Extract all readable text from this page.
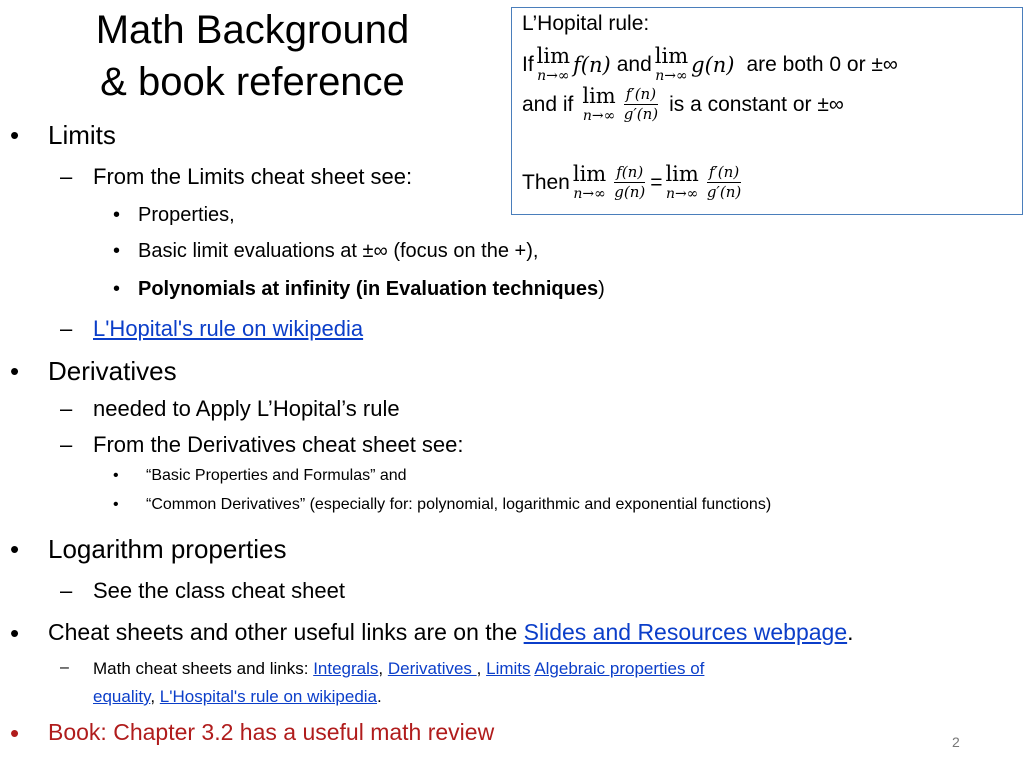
Math Background
& book reference
L’Hopital rule:
If lim
n→∞ f(n) and lim
n→∞ g(n) are both 0 or ±∞
and if lim
$n\to\infty \frac{f'(n)}{g'(n)}$ is a constant or ±∞
Then lim
$n\to\infty \frac{f(n)}{g(n)} = \lim$
$n\to\infty \frac{f'(n)}{g'(n)}$
• Limits
– From the Limits cheat sheet see:
• Properties,
• Basic limit evaluations at ±∞ (focus on the +),
• Polynomials at infinity (in Evaluation techniques)
– L'Hopital's rule on wikipedia
• Derivatives
– needed to Apply L’Hopital’s rule
– From the Derivatives cheat sheet see:
• “Basic Properties and Formulas” and
• “Common Derivatives” (especially for: polynomial, logarithmic and exponential functions)
• Logarithm properties
– See the class cheat sheet
• Cheat sheets and other useful links are on the Slides and Resources webpage.
– Math cheat sheets and links: Integrals, Derivatives , Limits Algebraic properties of
equality, L'Hospital's rule on wikipedia.
• Book: Chapter 3.2 has a useful math review	2
